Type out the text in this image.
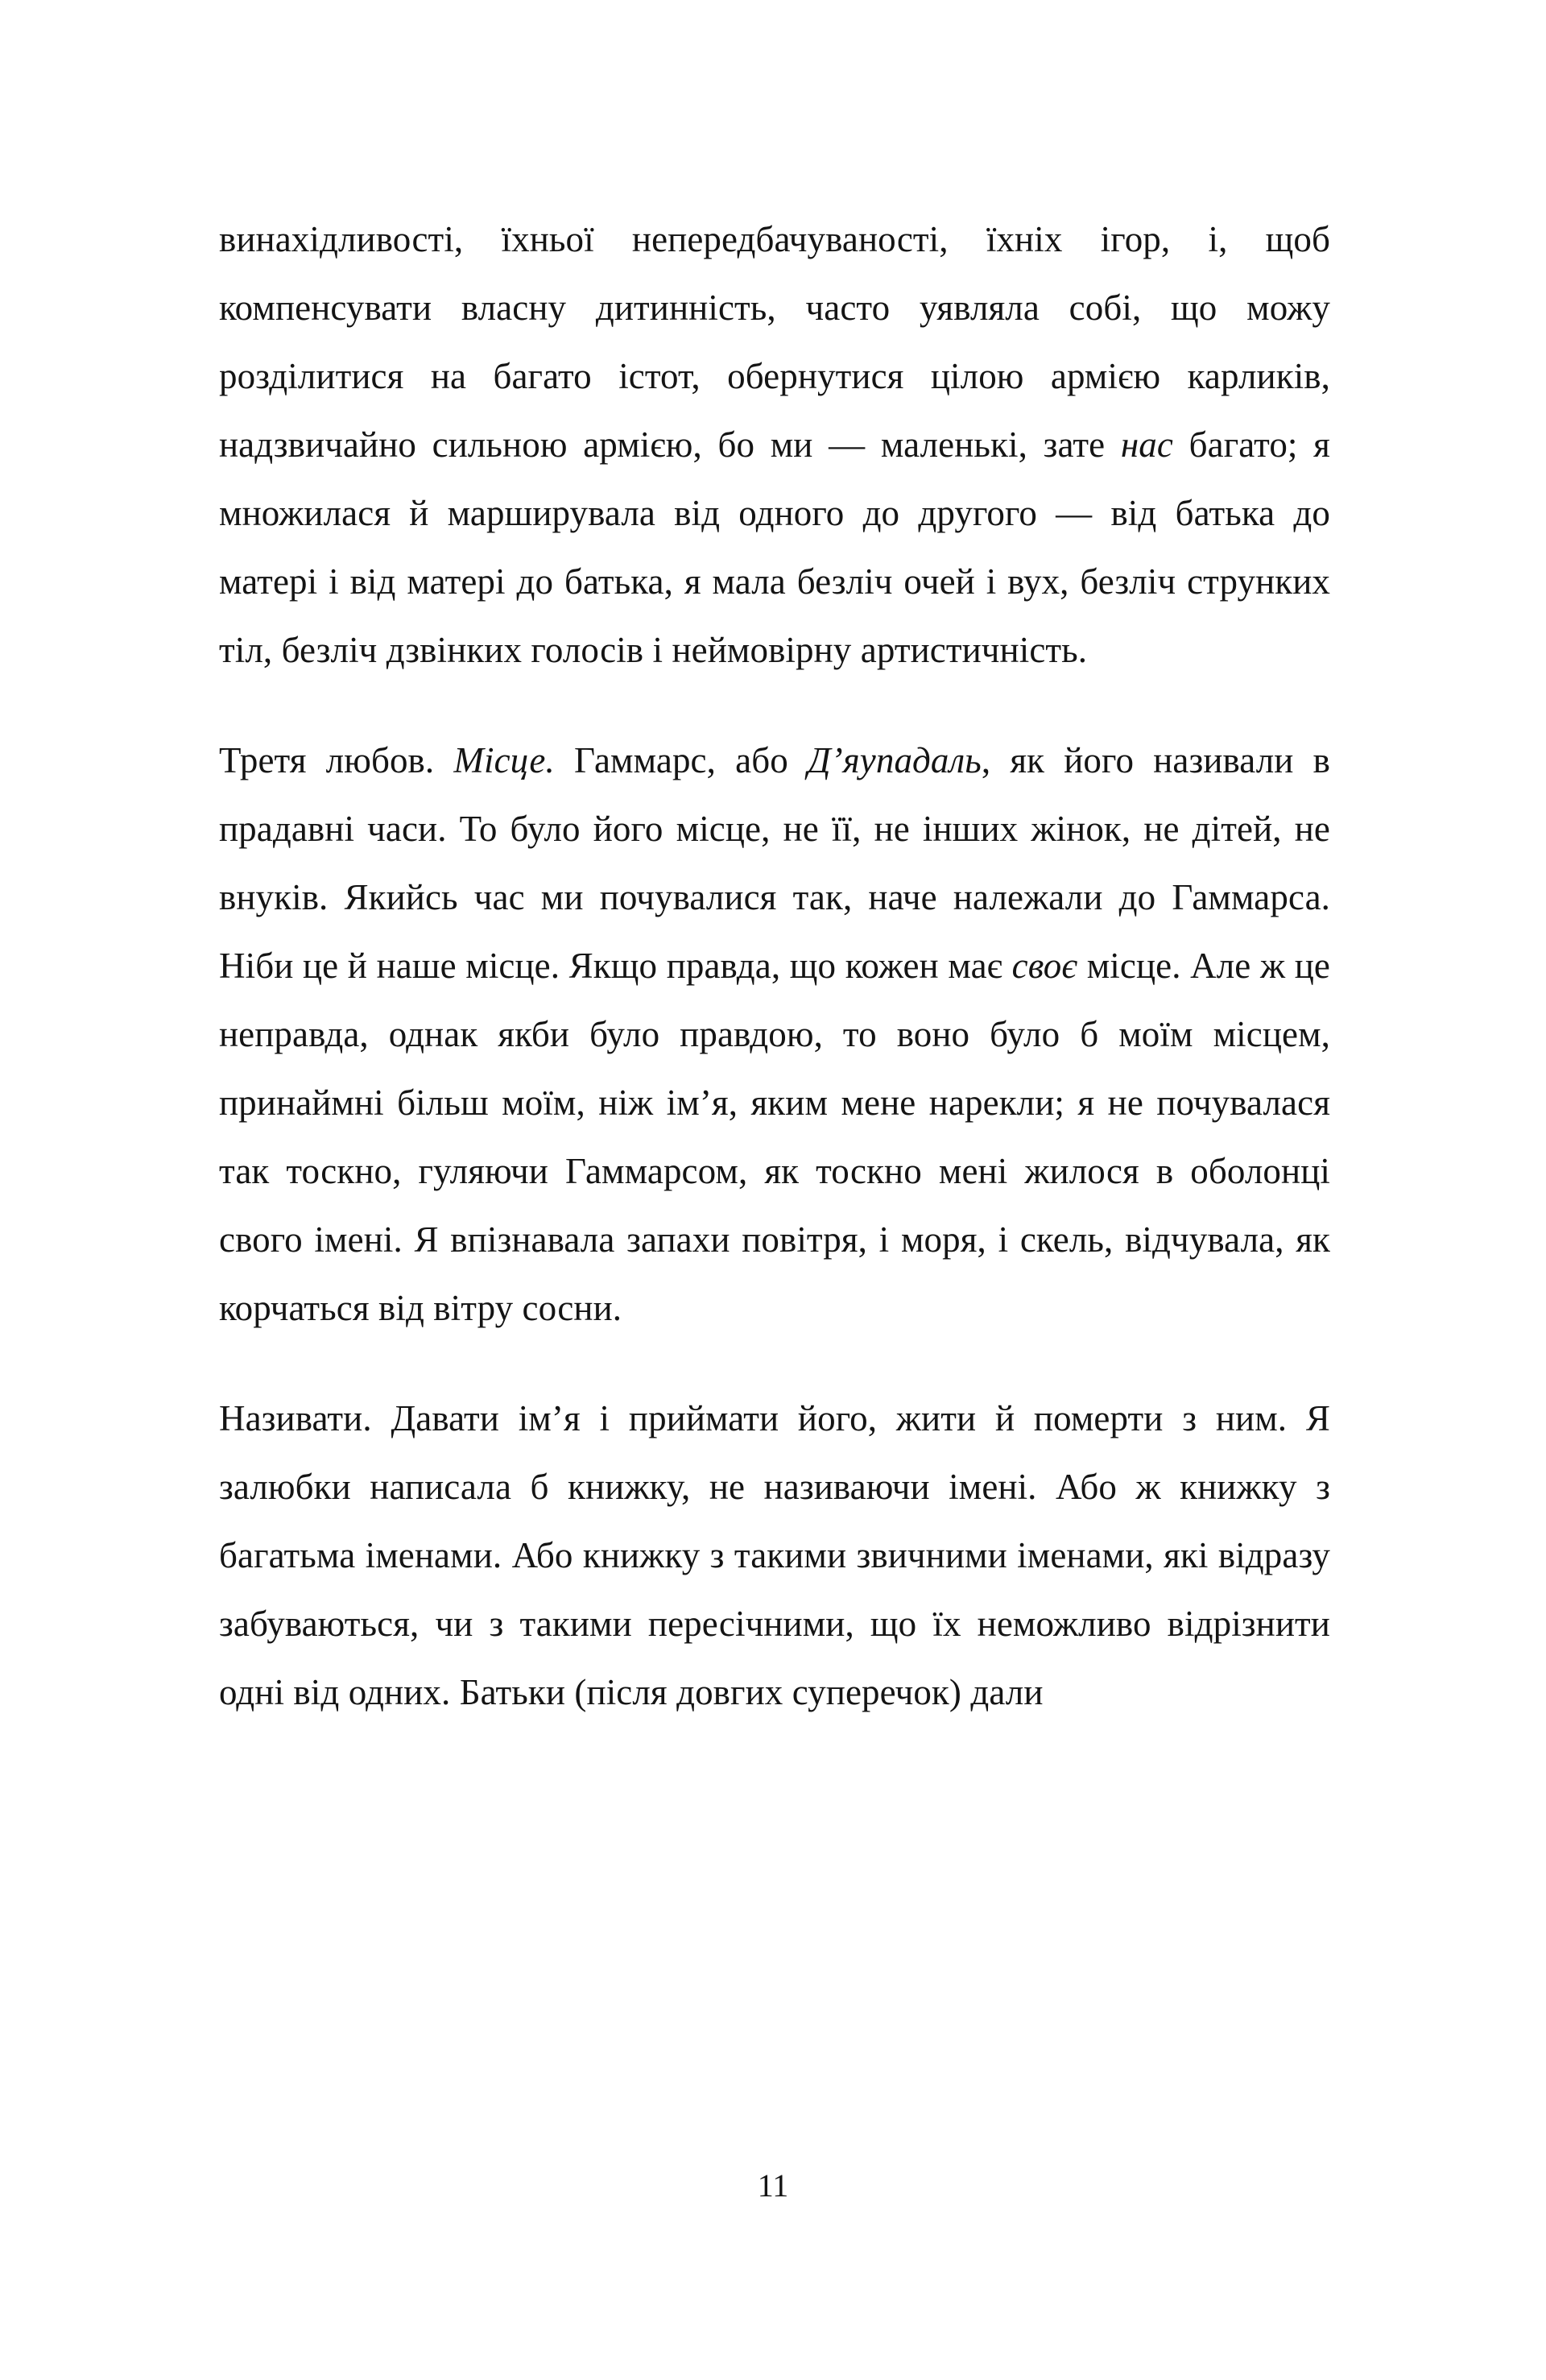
винахідливості, їхньої непередбачуваності, їхніх ігор, і, щоб компенсувати власну дитинність, часто уявляла собі, що можу розділитися на багато істот, обернутися цілою армією карликів, надзвичайно сильною армією, бо ми — маленькі, зате нас багато; я множилася й марширувала від одного до другого — від батька до матері і від матері до батька, я мала безліч очей і вух, безліч струнких тіл, безліч дзвінких голосів і неймовірну артистичність.

Третя любов. Місце. Гаммарс, або Д’яупадаль, як його називали в прадавні часи. То було його місце, не її, не інших жінок, не дітей, не внуків. Якийсь час ми почувалися так, наче належали до Гаммарса. Ніби це й наше місце. Якщо правда, що кожен має своє місце. Але ж це неправда, однак якби було правдою, то воно було б моїм місцем, принаймні більш моїм, ніж ім’я, яким мене нарекли; я не почувалася так тоскно, гуляючи Гаммарсом, як тоскно мені жилося в оболонці свого імені. Я впізнавала запахи повітря, і моря, і скель, відчувала, як корчаться від вітру сосни.

Називати. Давати ім’я і приймати його, жити й померти з ним. Я залюбки написала б книжку, не називаючи імені. Або ж книжку з багатьма іменами. Або книжку з такими звичними іменами, які відразу забуваються, чи з такими пересічними, що їх неможливо відрізнити одні від одних. Батьки (після довгих суперечок) дали

11
